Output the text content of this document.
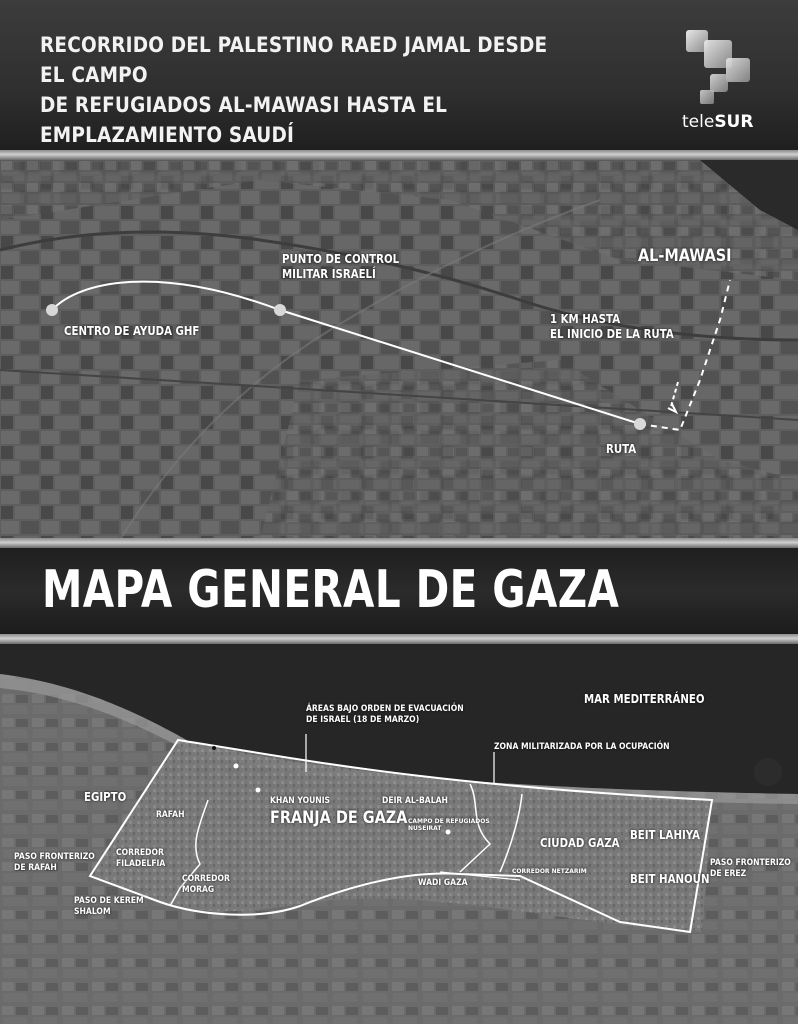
RECORRIDO DEL PALESTINO RAED JAMAL DESDE EL CAMPO
DE REFUGIADOS AL-MAWASI HASTA EL EMPLAZAMIENTO SAUDÍ
teleSUR
PUNTO DE CONTROL
MILITAR ISRAELÍ
CENTRO DE AYUDA GHF
AL-MAWASI
1 KM HASTA
EL INICIO DE LA RUTA
RUTA
MAPA GENERAL DE GAZA
ÁREAS BAJO ORDEN DE EVACUACIÓN
DE ISRAEL (18 DE MARZO)
MAR MEDITERRÁNEO
ZONA MILITARIZADA POR LA OCUPACIÓN
EGIPTO
RAFAH
KHAN YOUNIS
FRANJA DE GAZA
DEIR AL-BALAH
CAMPO DE REFUGIADOS
NUSEIRAT
CIUDAD GAZA
BEIT LAHIYA
BEIT HANOUN
PASO FRONTERIZO
DE RAFAH
CORREDOR
FILADELFIA
CORREDOR
MORAG
PASO DE KEREM
SHALOM
WADI GAZA
CORREDOR NETZARIM
PASO FRONTERIZO
DE EREZ
